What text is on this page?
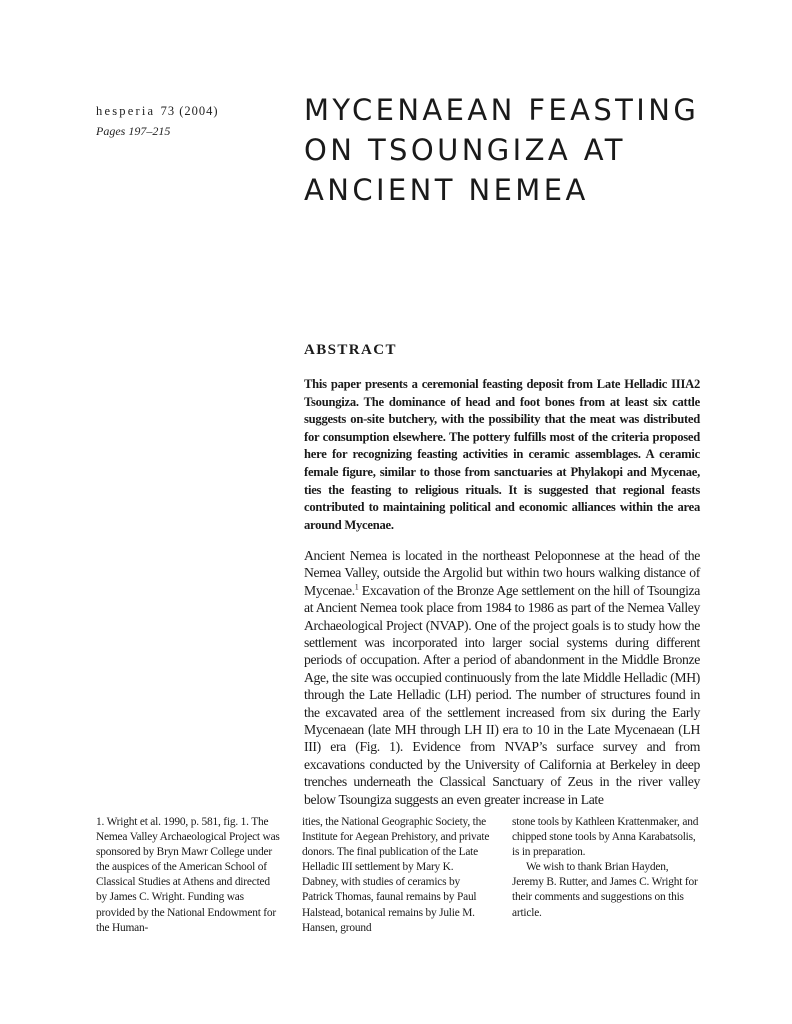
hesperia 73 (2004)
Pages 197–215
MYCENAEAN FEASTING
ON TSOUNGIZA AT
ANCIENT NEMEA
ABSTRACT

This paper presents a ceremonial feasting deposit from Late Helladic IIIA2 Tsoungiza. The dominance of head and foot bones from at least six cattle suggests on-site butchery, with the possibility that the meat was distributed for consumption elsewhere. The pottery fulfills most of the criteria proposed here for recognizing feasting activities in ceramic assemblages. A ceramic female figure, similar to those from sanctuaries at Phylakopi and Mycenae, ties the feasting to religious rituals. It is suggested that regional feasts contributed to maintaining political and economic alliances within the area around Mycenae.

Ancient Nemea is located in the northeast Peloponnese at the head of the Nemea Valley, outside the Argolid but within two hours walking distance of Mycenae.$^1$ Excavation of the Bronze Age settlement on the hill of Tsoungiza at Ancient Nemea took place from 1984 to 1986 as part of the Nemea Valley Archaeological Project (NVAP). One of the project goals is to study how the settlement was incorporated into larger social systems during different periods of occupation. After a period of abandonment in the Middle Bronze Age, the site was occupied continuously from the late Middle Helladic (MH) through the Late Helladic (LH) period. The number of structures found in the excavated area of the settlement increased from six during the Early Mycenaean (late MH through LH II) era to 10 in the Late Mycenaean (LH III) era (Fig. 1). Evidence from NVAP’s surface survey and from excavations conducted by the University of California at Berkeley in deep trenches underneath the Classical Sanctuary of Zeus in the river valley below Tsoungiza suggests an even greater increase in Late

1. Wright et al. 1990, p. 581, fig. 1. The Nemea Valley Archaeological Project was sponsored by Bryn Mawr College under the auspices of the American School of Classical Studies at Athens and directed by James C. Wright. Funding was provided by the National Endowment for the Human-

ities, the National Geographic Society, the Institute for Aegean Prehistory, and private donors. The final publication of the Late Helladic III settlement by Mary K. Dabney, with studies of ceramics by Patrick Thomas, faunal remains by Paul Halstead, botanical remains by Julie M. Hansen, ground

stone tools by Kathleen Krattenmaker, and chipped stone tools by Anna Karabatsolis, is in preparation.
We wish to thank Brian Hayden, Jeremy B. Rutter, and James C. Wright for their comments and suggestions on this article.
